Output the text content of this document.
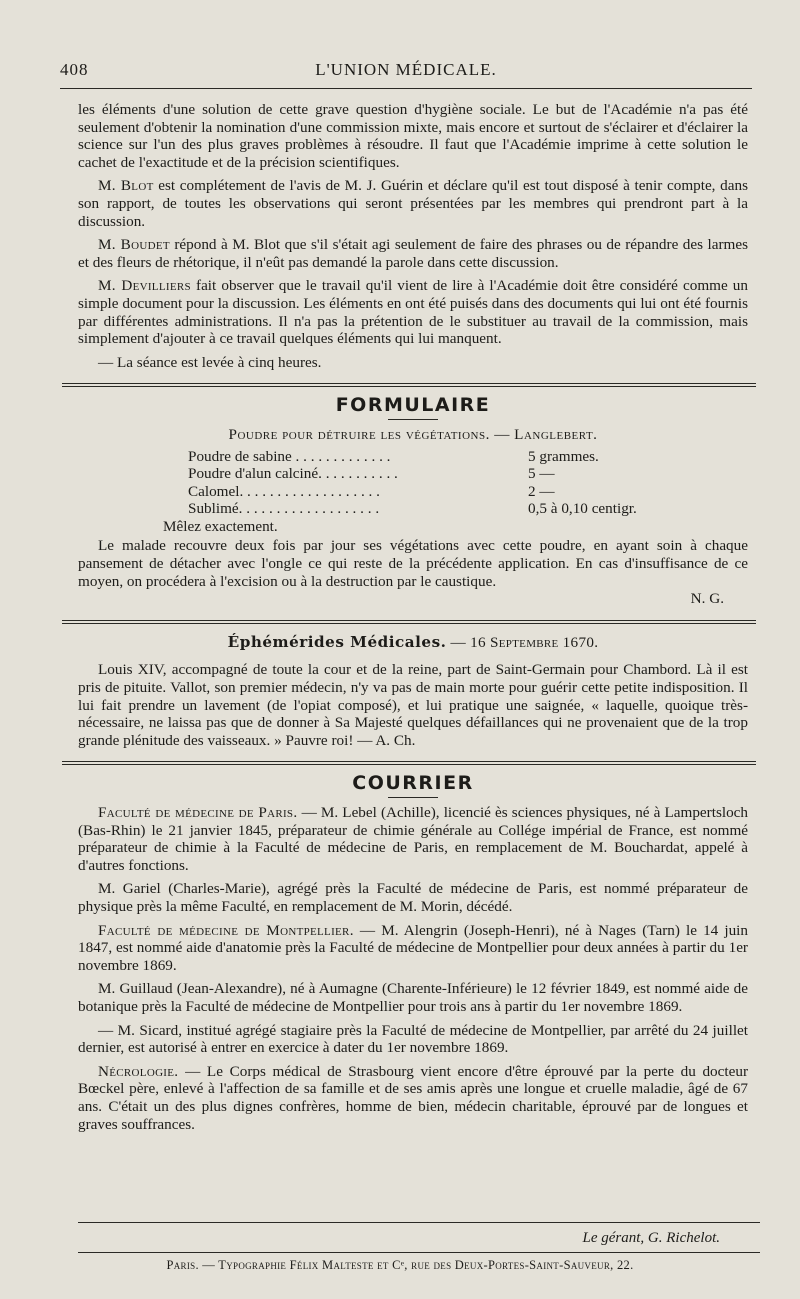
408	L'UNION MÉDICALE.

les éléments d'une solution de cette grave question d'hygiène sociale. Le but de l'Académie n'a pas été seulement d'obtenir la nomination d'une commission mixte, mais encore et surtout de s'éclairer et d'éclairer la science sur l'un des plus graves problèmes à résoudre. Il faut que l'Académie imprime à cette solution le cachet de l'exactitude et de la précision scientifiques.

M. Blot est complétement de l'avis de M. J. Guérin et déclare qu'il est tout disposé à tenir compte, dans son rapport, de toutes les observations qui seront présentées par les membres qui prendront part à la discussion.

M. Boudet répond à M. Blot que s'il s'était agi seulement de faire des phrases ou de répandre des larmes et des fleurs de rhétorique, il n'eût pas demandé la parole dans cette discussion.

M. Devilliers fait observer que le travail qu'il vient de lire à l'Académie doit être considéré comme un simple document pour la discussion. Les éléments en ont été puisés dans des documents qui lui ont été fournis par différentes administrations. Il n'a pas la prétention de le substituer au travail de la commission, mais simplement d'ajouter à ce travail quelques éléments qui lui manquent.

— La séance est levée à cinq heures.

FORMULAIRE
Poudre pour détruire les végétations. — Langlebert.
Poudre de sabine . . . . . . . . . . . . .	5 grammes.
Poudre d'alun calciné. . . . . . . . . . .	5 —
Calomel. . . . . . . . . . . . . . . . . . .	2 —
Sublimé. . . . . . . . . . . . . . . . . . .	0,5 à 0,10 centigr.
Mêlez exactement.

Le malade recouvre deux fois par jour ses végétations avec cette poudre, en ayant soin à chaque pansement de détacher avec l'ongle ce qui reste de la précédente application. En cas d'insuffisance de ce moyen, on procédera à l'excision ou à la destruction par le caustique.

N. G.
Éphémérides Médicales. — 16 Septembre 1670.

Louis XIV, accompagné de toute la cour et de la reine, part de Saint-Germain pour Chambord. Là il est pris de pituite. Vallot, son premier médecin, n'y va pas de main morte pour guérir cette petite indisposition. Il lui fait prendre un lavement (de l'opiat composé), et lui pratique une saignée, « laquelle, quoique très-nécessaire, ne laissa pas que de donner à Sa Majesté quelques défaillances qui ne provenaient que de la trop grande plénitude des vaisseaux. » Pauvre roi! — A. Ch.

COURRIER

Faculté de médecine de Paris. — M. Lebel (Achille), licencié ès sciences physiques, né à Lampertsloch (Bas-Rhin) le 21 janvier 1845, préparateur de chimie générale au Collége impérial de France, est nommé préparateur de chimie à la Faculté de médecine de Paris, en remplacement de M. Bouchardat, appelé à d'autres fonctions.

M. Gariel (Charles-Marie), agrégé près la Faculté de médecine de Paris, est nommé préparateur de physique près la même Faculté, en remplacement de M. Morin, décédé.

Faculté de médecine de Montpellier. — M. Alengrin (Joseph-Henri), né à Nages (Tarn) le 14 juin 1847, est nommé aide d'anatomie près la Faculté de médecine de Montpellier pour deux années à partir du 1er novembre 1869.

M. Guillaud (Jean-Alexandre), né à Aumagne (Charente-Inférieure) le 12 février 1849, est nommé aide de botanique près la Faculté de médecine de Montpellier pour trois ans à partir du 1er novembre 1869.

— M. Sicard, institué agrégé stagiaire près la Faculté de médecine de Montpellier, par arrêté du 24 juillet dernier, est autorisé à entrer en exercice à dater du 1er novembre 1869.

Nécrologie. — Le Corps médical de Strasbourg vient encore d'être éprouvé par la perte du docteur Bœckel père, enlevé à l'affection de sa famille et de ses amis après une longue et cruelle maladie, âgé de 67 ans. C'était un des plus dignes confrères, homme de bien, médecin charitable, éprouvé par de longues et graves souffrances.

Le gérant, G. Richelot.
Paris. — Typographie Félix Malteste et Cᵉ, rue des Deux-Portes-Saint-Sauveur, 22.
